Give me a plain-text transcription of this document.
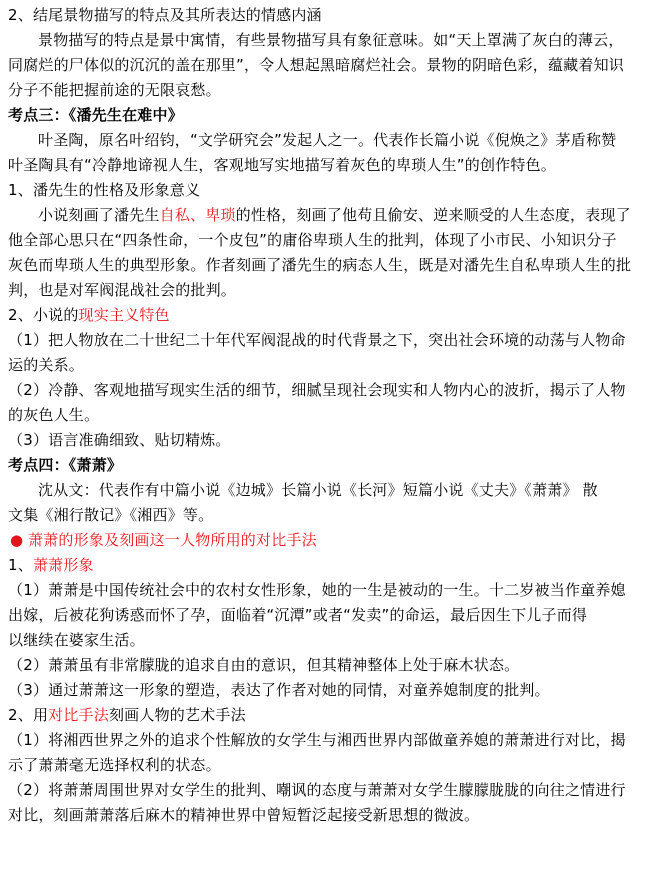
2、结尾景物描写的特点及其所表达的情感内涵
景物描写的特点是景中寓情，有些景物描写具有象征意味。如“天上罩满了灰白的薄云，
同腐烂的尸体似的沉沉的盖在那里”，令人想起黑暗腐烂社会。景物的阴暗色彩，蕴藏着知识
分子不能把握前途的无限哀愁。
考点三：《潘先生在难中》
叶圣陶，原名叶绍钧，“文学研究会”发起人之一。代表作长篇小说《倪焕之》茅盾称赞
叶圣陶具有“冷静地谛视人生，客观地写实地描写着灰色的卑琐人生”的创作特色。
1、潘先生的性格及形象意义
小说刻画了潘先生自私、卑琐的性格，刻画了他苟且偷安、逆来顺受的人生态度，表现了
他全部心思只在“四条性命，一个皮包”的庸俗卑琐人生的批判，体现了小市民、小知识分子
灰色而卑琐人生的典型形象。作者刻画了潘先生的病态人生，既是对潘先生自私卑琐人生的批
判，也是对军阀混战社会的批判。
2、小说的现实主义特色
（1）把人物放在二十世纪二十年代军阀混战的时代背景之下，突出社会环境的动荡与人物命
运的关系。
（2）冷静、客观地描写现实生活的细节，细腻呈现社会现实和人物内心的波折，揭示了人物
的灰色人生。
（3）语言准确细致、贴切精炼。
考点四：《萧萧》
沈从文：代表作有中篇小说《边城》长篇小说《长河》短篇小说《丈夫》《萧萧》 散
文集《湘行散记》《湘西》等。
● 萧萧的形象及刻画这一人物所用的对比手法
1、萧萧形象
（1）萧萧是中国传统社会中的农村女性形象，她的一生是被动的一生。十二岁被当作童养媳
出嫁，后被花狗诱惑而怀了孕，面临着“沉潭”或者“发卖”的命运，最后因生下儿子而得
以继续在婆家生活。
（2）萧萧虽有非常朦胧的追求自由的意识，但其精神整体上处于麻木状态。
（3）通过萧萧这一形象的塑造，表达了作者对她的同情，对童养媳制度的批判。
2、用对比手法刻画人物的艺术手法
（1）将湘西世界之外的追求个性解放的女学生与湘西世界内部做童养媳的萧萧进行对比，揭
示了萧萧毫无选择权利的状态。
（2）将萧萧周围世界对女学生的批判、嘲讽的态度与萧萧对女学生朦朦胧胧的向往之情进行
对比，刻画萧萧落后麻木的精神世界中曾短暂泛起接受新思想的微波。
